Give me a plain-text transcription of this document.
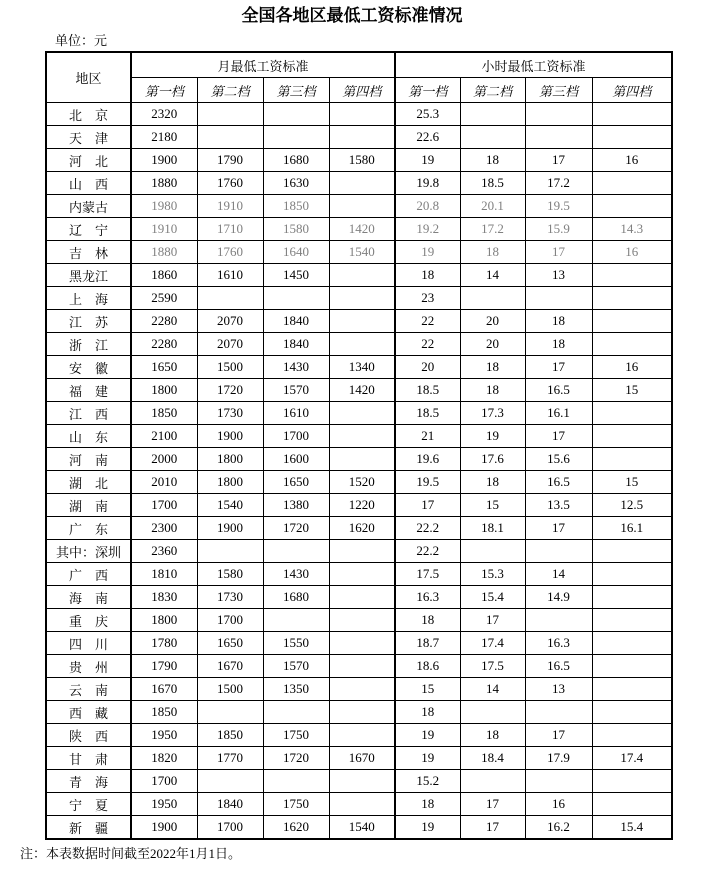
全国各地区最低工资标准情况
单位：元
地区	月最低工资标准				小时最低工资标准			
	第一档	第二档	第三档	第四档	第一档	第二档	第三档	第四档
北　京	2320				25.3			
天　津	2180				22.6			
河　北	1900	1790	1680	1580	19	18	17	16
山　西	1880	1760	1630		19.8	18.5	17.2	
内蒙古	1980	1910	1850		20.8	20.1	19.5	
辽　宁	1910	1710	1580	1420	19.2	17.2	15.9	14.3
吉　林	1880	1760	1640	1540	19	18	17	16
黑龙江	1860	1610	1450		18	14	13	
上　海	2590				23			
江　苏	2280	2070	1840		22	20	18	
浙　江	2280	2070	1840		22	20	18	
安　徽	1650	1500	1430	1340	20	18	17	16
福　建	1800	1720	1570	1420	18.5	18	16.5	15
江　西	1850	1730	1610		18.5	17.3	16.1	
山　东	2100	1900	1700		21	19	17	
河　南	2000	1800	1600		19.6	17.6	15.6	
湖　北	2010	1800	1650	1520	19.5	18	16.5	15
湖　南	1700	1540	1380	1220	17	15	13.5	12.5
广　东	2300	1900	1720	1620	22.2	18.1	17	16.1
其中：深圳	2360				22.2			
广　西	1810	1580	1430		17.5	15.3	14	
海　南	1830	1730	1680		16.3	15.4	14.9	
重　庆	1800	1700			18	17		
四　川	1780	1650	1550		18.7	17.4	16.3	
贵　州	1790	1670	1570		18.6	17.5	16.5	
云　南	1670	1500	1350		15	14	13	
西　藏	1850				18			
陕　西	1950	1850	1750		19	18	17	
甘　肃	1820	1770	1720	1670	19	18.4	17.9	17.4
青　海	1700				15.2			
宁　夏	1950	1840	1750		18	17	16	
新　疆	1900	1700	1620	1540	19	17	16.2	15.4
注：本表数据时间截至2022年1月1日。
